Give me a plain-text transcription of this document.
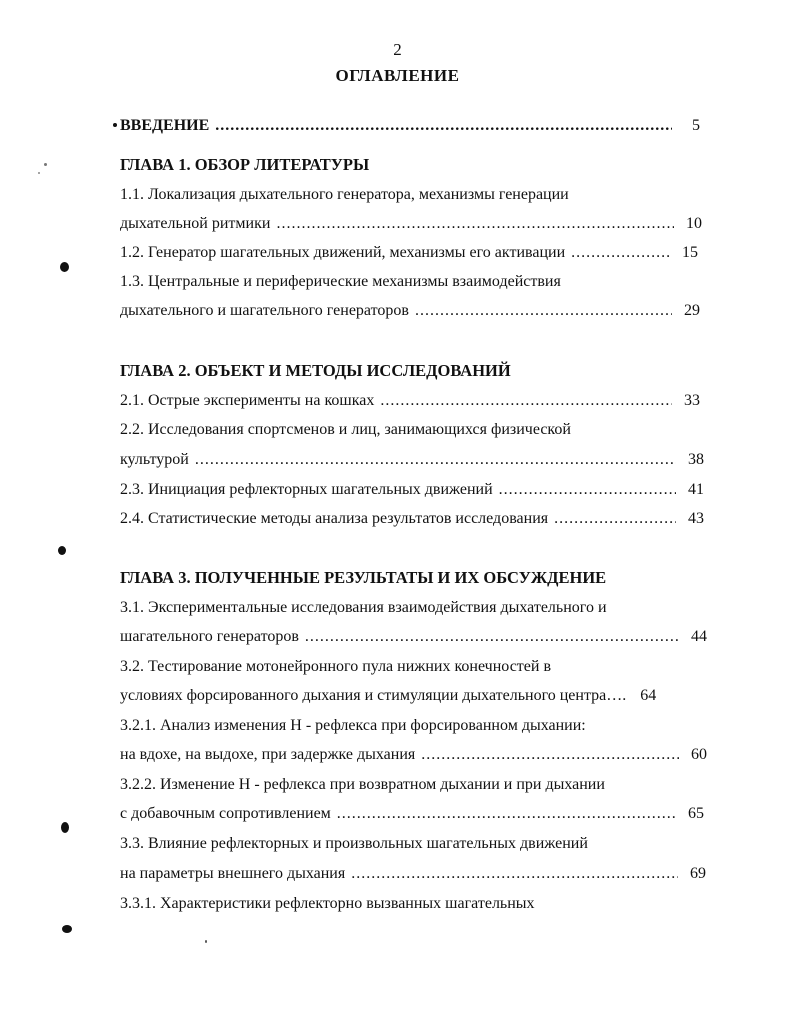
2
ОГЛАВЛЕНИЕ
ВВЕДЕНИЕ .....	5
ГЛАВА 1. ОБЗОР ЛИТЕРАТУРЫ
1.1. Локализация дыхательного генератора, механизмы генерации
дыхательной ритмики .....	10
1.2. Генератор шагательных движений, механизмы его активации .....	15
1.3. Центральные и периферические механизмы взаимодействия
дыхательного и шагательного генераторов .....	29
ГЛАВА 2. ОБЪЕКТ И МЕТОДЫ ИССЛЕДОВАНИЙ
2.1. Острые эксперименты на кошках .....	33
2.2. Исследования спортсменов и лиц, занимающихся физической
культурой .....	38
2.3. Инициация рефлекторных шагательных движений .....	41
2.4. Статистические методы анализа результатов исследования .....	43
ГЛАВА 3. ПОЛУЧЕННЫЕ РЕЗУЛЬТАТЫ И ИХ ОБСУЖДЕНИЕ
3.1. Экспериментальные исследования взаимодействия дыхательного и
шагательного генераторов .....	44
3.2. Тестирование мотонейронного пула нижних конечностей в
условиях форсированного дыхания и стимуляции дыхательного центра…. 64
3.2.1. Анализ изменения Н - рефлекса при форсированном дыхании:
на вдохе, на выдохе, при задержке дыхания .....	60
3.2.2. Изменение Н - рефлекса при возвратном дыхании и при дыхании
с добавочным сопротивлением .....	65
3.3. Влияние рефлекторных и произвольных шагательных движений
на параметры внешнего дыхания .....	69
3.3.1. Характеристики рефлекторно вызванных шагательных
